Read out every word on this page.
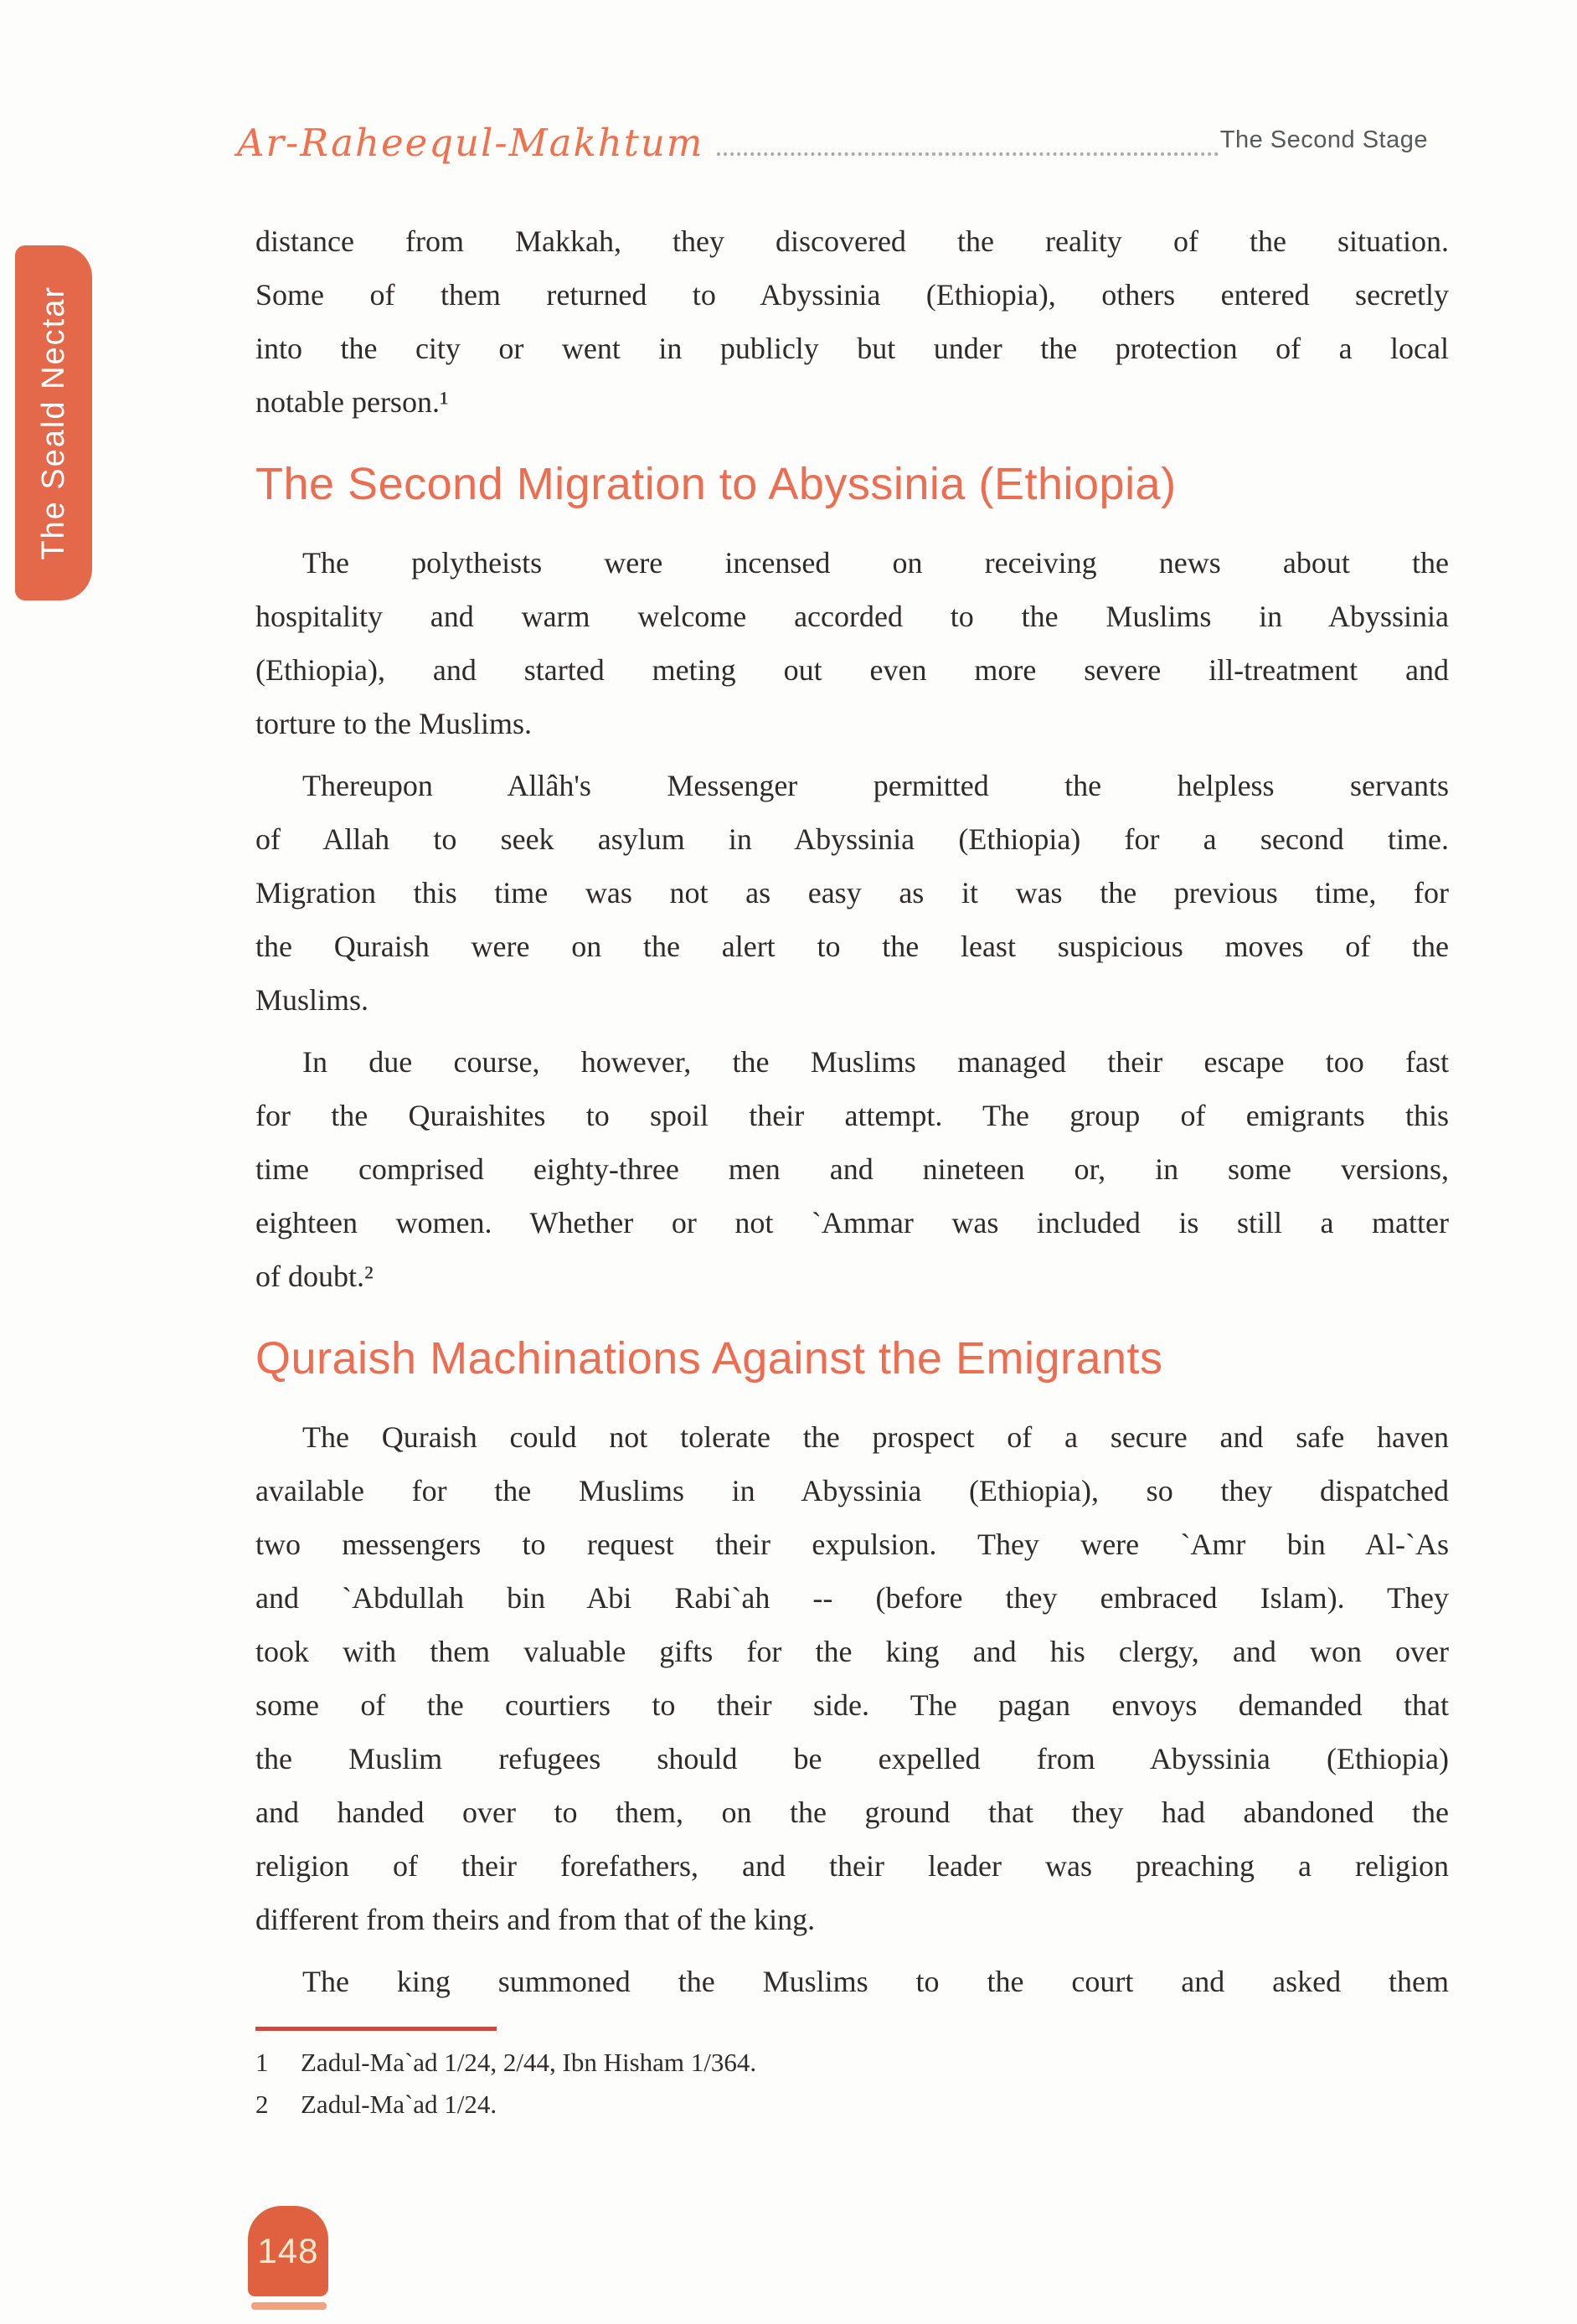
Ar-Raheequl-Makhtum	The Second Stage
The Seald Nectar

distance from Makkah, they discovered the reality of the situation.
Some of them returned to Abyssinia (Ethiopia), others entered secretly
into the city or went in publicly but under the protection of a local
notable person.¹

The Second Migration to Abyssinia (Ethiopia)

The polytheists were incensed on receiving news about the
hospitality and warm welcome accorded to the Muslims in Abyssinia
(Ethiopia), and started meting out even more severe ill-treatment and
torture to the Muslims.

Thereupon Allâh's Messenger permitted the helpless servants
of Allah to seek asylum in Abyssinia (Ethiopia) for a second time.
Migration this time was not as easy as it was the previous time, for
the Quraish were on the alert to the least suspicious moves of the
Muslims.

In due course, however, the Muslims managed their escape too fast
for the Quraishites to spoil their attempt. The group of emigrants this
time comprised eighty-three men and nineteen or, in some versions,
eighteen women. Whether or not `Ammar was included is still a matter
of doubt.²

Quraish Machinations Against the Emigrants

The Quraish could not tolerate the prospect of a secure and safe haven
available for the Muslims in Abyssinia (Ethiopia), so they dispatched
two messengers to request their expulsion. They were `Amr bin Al-`As
and `Abdullah bin Abi Rabi`ah -- (before they embraced Islam). They
took with them valuable gifts for the king and his clergy, and won over
some of the courtiers to their side. The pagan envoys demanded that
the Muslim refugees should be expelled from Abyssinia (Ethiopia)
and handed over to them, on the ground that they had abandoned the
religion of their forefathers, and their leader was preaching a religion
different from theirs and from that of the king.

The king summoned the Muslims to the court and asked them

1	Zadul-Ma`ad 1/24, 2/44, Ibn Hisham 1/364.
2	Zadul-Ma`ad 1/24.
148
